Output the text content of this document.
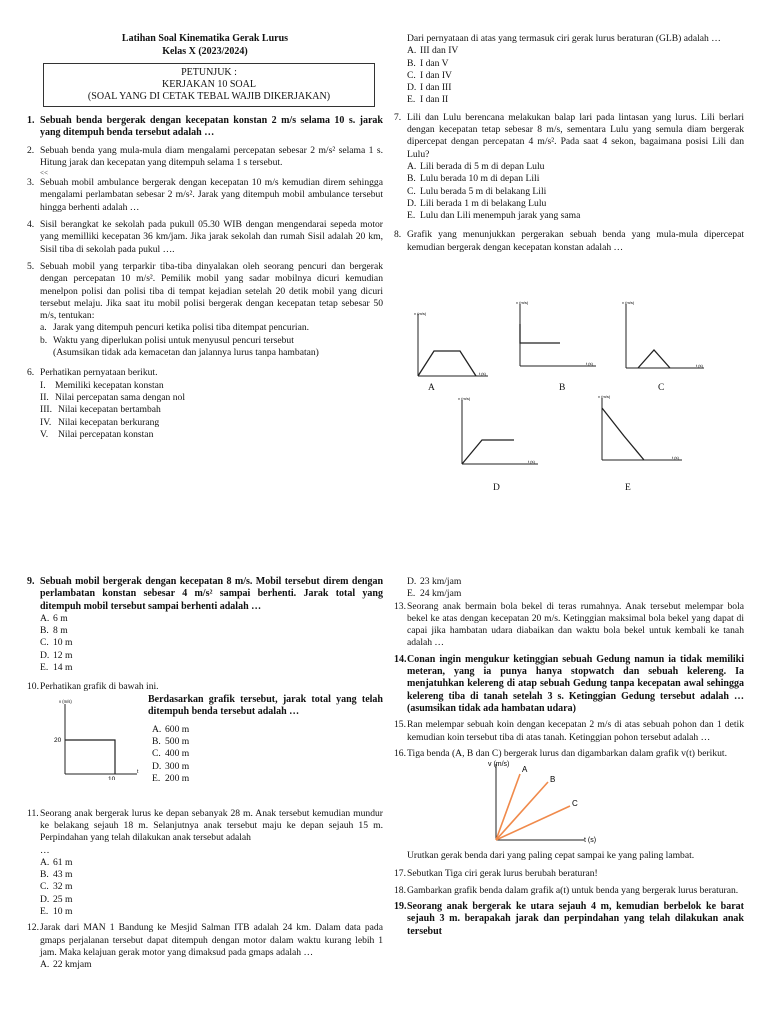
Latihan Soal Kinematika Gerak Lurus
Kelas X (2023/2024)
PETUNJUK :
KERJAKAN 10 SOAL
(SOAL YANG DI CETAK TEBAL WAJIB DIKERJAKAN)
1. Sebuah benda bergerak dengan kecepatan konstan 2 m/s selama 10 s. jarak yang ditempuh benda tersebut adalah …
2. Sebuah benda yang mula-mula diam mengalami percepatan sebesar 2 m/s² selama 1 s. Hitung jarak dan kecepatan yang ditempuh selama 1 s tersebut.
<<
3. Sebuah mobil ambulance bergerak dengan kecepatan 10 m/s kemudian direm sehingga mengalami perlambatan sebesar 2 m/s². Jarak yang ditempuh mobil ambulance tersebut hingga berhenti adalah …
4. Sisil berangkat ke sekolah pada pukull 05.30 WIB dengan mengendarai sepeda motor yang memilliki kecepatan 36 km/jam. Jika jarak sekolah dan rumah Sisil adalah 20 km, Sisil tiba di sekolah pada pukul ….
5. Sebuah mobil yang terparkir tiba-tiba dinyalakan oleh seorang pencuri dan bergerak dengan percepatan 10 m/s². Pemilik mobil yang sadar mobilnya dicuri kemudian menelpon polisi dan polisi tiba di tempat kejadian setelah 20 detik mobil yang dicuri tersebut melaju. Jika saat itu mobil polisi bergerak dengan kecepatan tetap sebesar 50 m/s, tentukan:
a. Jarak yang ditempuh pencuri ketika polisi tiba ditempat pencurian.
b. Waktu yang diperlukan polisi untuk menyusul pencuri tersebut
(Asumsikan tidak ada kemacetan dan jalannya lurus tanpa hambatan)
6. Perhatikan pernyataan berikut.
I. Memiliki kecepatan konstan
II. Nilai percepatan sama dengan nol
III. Nilai kecepatan bertambah
IV. Nilai kecepatan berkurang
V. Nilai percepatan konstan
Dari pernyataan di atas yang termasuk ciri gerak lurus beraturan (GLB) adalah …
A. III dan IV
B. I dan V
C. I dan IV
D. I dan III
E. I dan II
7. Lili dan Lulu berencana melakukan balap lari pada lintasan yang lurus. Lili berlari dengan kecepatan tetap sebesar 8 m/s, sementara Lulu yang semula diam bergerak dipercepat dengan percepatan 4 m/s². Pada saat 4 sekon, bagaimana posisi Lili dan Lulu?
A. Lili berada di 5 m di depan Lulu
B. Lulu berada 10 m di depan Lili
C. Lulu berada 5 m di belakang Lili
D. Lili berada 1 m di belakang Lulu
E. Lulu dan Lili menempuh jarak yang sama
8. Grafik yang menunjukkan pergerakan sebuah benda yang mula-mula dipercepat kemudian bergerak dengan kecepatan konstan adalah …
v (m/s)
t (s)
A
v (m/s)
t (s)
B
v (m/s)
t (s)
C
v (m/s)
t (s)
D
v (m/s)
t (s)
E
9. Sebuah mobil bergerak dengan kecepatan 8 m/s. Mobil tersebut direm dengan perlambatan konstan sebesar 4 m/s² sampai berhenti. Jarak total yang ditempuh mobil tersebut sampai berhenti adalah …
A. 6 m
B. 8 m
C. 10 m
D. 12 m
E. 14 m
10. Perhatikan grafik di bawah ini.
v (m/s)
t
20
10
Berdasarkan grafik tersebut, jarak total yang telah ditempuh benda tersebut adalah …
A. 600 m
B. 500 m
C. 400 m
D. 300 m
E. 200 m
11. Seorang anak bergerak lurus ke depan sebanyak 28 m. Anak tersebut kemudian mundur ke belakang sejauh 18 m. Selanjutnya anak tersebut maju ke depan sejauh 15 m. Perpindahan yang telah dilakukan anak tersebut adalah
…
A. 61 m
B. 43 m
C. 32 m
D. 25 m
E. 10 m
12. Jarak dari MAN 1 Bandung ke Mesjid Salman ITB adalah 24 km. Dalam data pada gmaps perjalanan tersebut dapat ditempuh dengan motor dalam waktu kurang lebih 1 jam. Maka kelajuan gerak motor yang dimaksud pada gmaps adalah …
A. 22 kmjam
D. 23 km/jam
E. 24 km/jam
13. Seorang anak bermain bola bekel di teras rumahnya. Anak tersebut melempar bola bekel ke atas dengan kecepatan 20 m/s. Ketinggian maksimal bola bekel yang dapat di capai jika hambatan udara diabaikan dan waktu bola bekel untuk kembali ke tanah adalah …
14. Conan ingin mengukur ketinggian sebuah Gedung namun ia tidak memiliki meteran, yang ia punya hanya stopwatch dan sebuah kelereng. Ia menjatuhkan kelereng di atap sebuah Gedung tanpa kecepatan awal sehingga kelereng tiba di tanah setelah 3 s. Ketinggian Gedung tersebut adalah … (asumsikan tidak ada hambatan udara)
15. Ran melempar sebuah koin dengan kecepatan 2 m/s di atas sebuah pohon dan 1 detik kemudian koin tersebut tiba di atas tanah. Ketinggian pohon tersebut adalah …
16. Tiga benda (A, B dan C) bergerak lurus dan digambarkan dalam grafik v(t) berikut.
v (m/s)
t (s)
A
B
C
Urutkan gerak benda dari yang paling cepat sampai ke yang paling lambat.
17. Sebutkan Tiga ciri gerak lurus berubah beraturan!
18. Gambarkan grafik benda dalam grafik a(t) untuk benda yang bergerak lurus beraturan.
19. Seorang anak bergerak ke utara sejauh 4 m, kemudian berbelok ke barat sejauh 3 m. berapakah jarak dan perpindahan yang telah dilakukan anak tersebut
